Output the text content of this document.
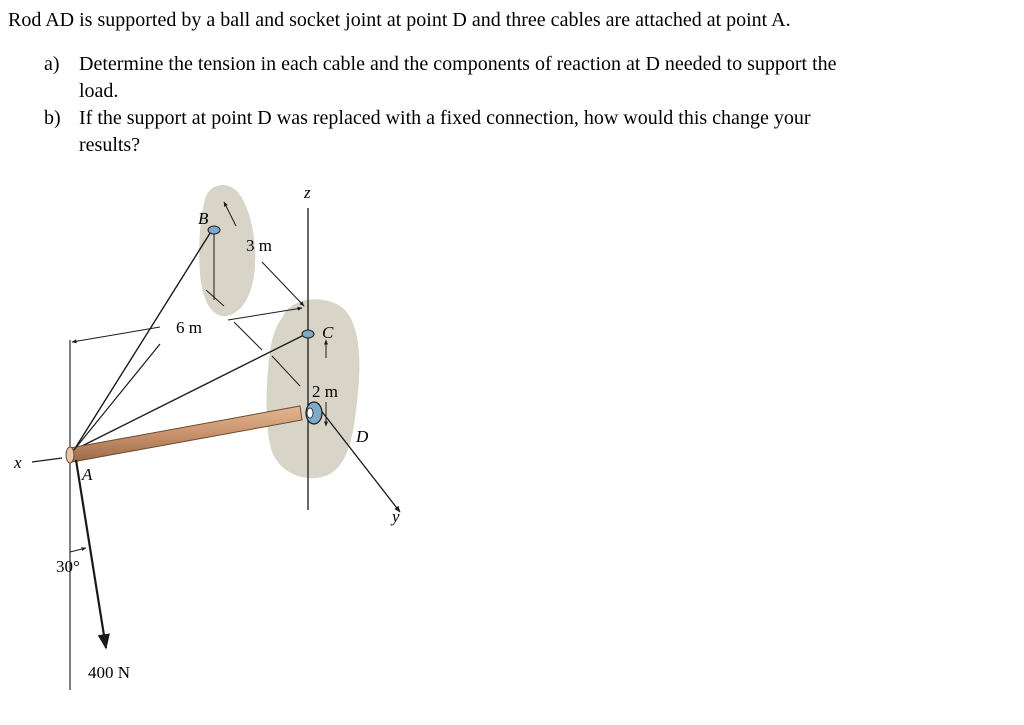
Rod AD is supported by a ball and socket joint at point D and three cables are attached at point A.

a) Determine the tension in each cable and the components of reaction at D needed to support the
load.
b) If the support at point D was replaced with a fixed connection, how would this change your
results?
B
3 m
z
6 m	C
2 m
D
x
A
y
30°
400 N
